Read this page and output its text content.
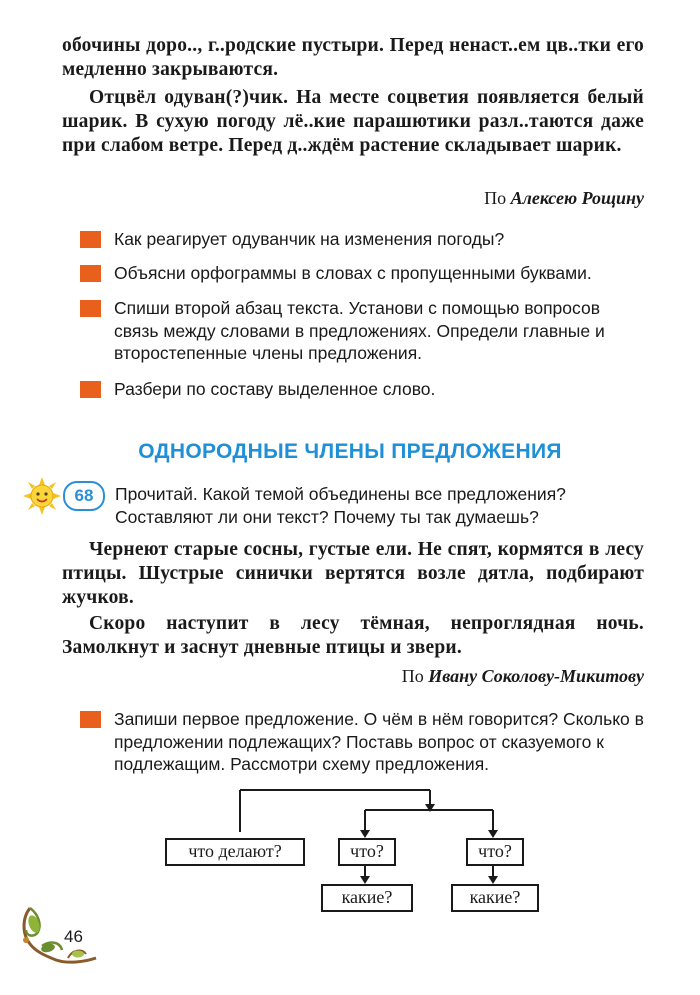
обочины доро.., г..родские пустыри. Перед ненаст..ем цв..тки его медленно закрываются.
Отцвёл одуван(?)чик. На месте соцветия появляется белый шарик. В сухую погоду лё..кие парашютики разл..таются даже при слабом ветре. Перед д..ждём растение складывает шарик.
По Алексею Рощину
Как реагирует одуванчик на изменения погоды?
Объясни орфограммы в словах с пропущенными буквами.
Спиши второй абзац текста. Установи с помощью вопросов связь между словами в предложениях. Определи главные и второстепенные члены предложения.
Разбери по составу выделенное слово.
ОДНОРОДНЫЕ ЧЛЕНЫ ПРЕДЛОЖЕНИЯ
68	Прочитай. Какой темой объединены все предложения? Составляют ли они текст? Почему ты так думаешь?
Чернеют старые сосны, густые ели. Не спят, кормятся в лесу птицы. Шустрые синички вертятся возле дятла, подбирают жучков.
Скоро наступит в лесу тёмная, непроглядная ночь. Замолкнут и заснут дневные птицы и звери.
По Ивану Соколову-Микитову
Запиши первое предложение. О чём в нём говорится? Сколько в предложении подлежащих? Поставь вопрос от сказуемого к подлежащим. Рассмотри схему предложения.
что делают?	что?	что?
какие?	какие?
46
